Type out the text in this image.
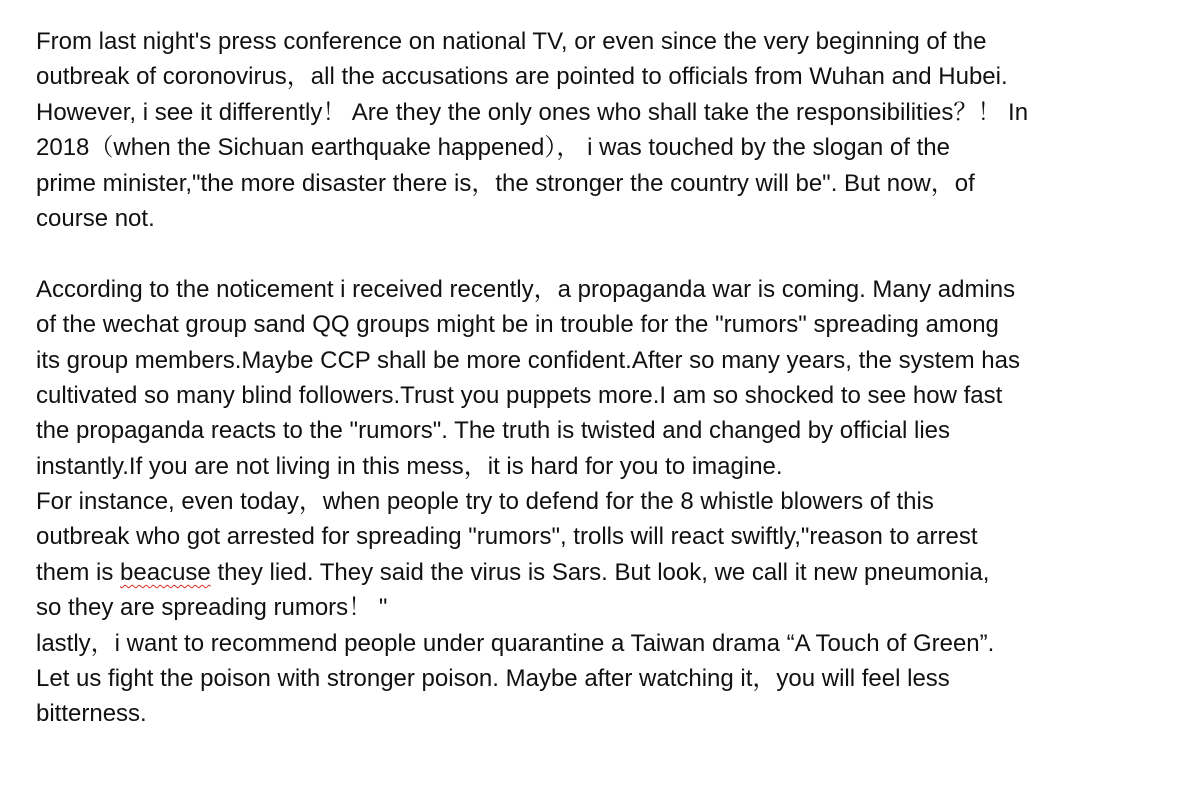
From last night's press conference on national TV, or even since the very beginning of the
outbreak of coronovirus，all the accusations are pointed to officials from Wuhan and Hubei.
However, i see it differently！ Are they the only ones who shall take the responsibilities？！ In
2018（when the Sichuan earthquake happened）， i was touched by the slogan of the
prime minister,"the more disaster there is，the stronger the country will be". But now，of
course not.
According to the noticement i received recently，a propaganda war is coming. Many admins
of the wechat group sand QQ groups might be in trouble for the "rumors" spreading among
its group members.Maybe CCP shall be more confident.After so many years, the system has
cultivated so many blind followers.Trust you puppets more.I am so shocked to see how fast
the propaganda reacts to the "rumors". The truth is twisted and changed by official lies
instantly.If you are not living in this mess，it is hard for you to imagine.
For instance, even today，when people try to defend for the 8 whistle blowers of this
outbreak who got arrested for spreading "rumors", trolls will react swiftly,"reason to arrest
them is beacuse they lied. They said the virus is Sars. But look, we call it new pneumonia,
so they are spreading rumors！ "
lastly，i want to recommend people under quarantine a Taiwan drama “A Touch of Green”.
Let us fight the poison with stronger poison. Maybe after watching it，you will feel less
bitterness.
